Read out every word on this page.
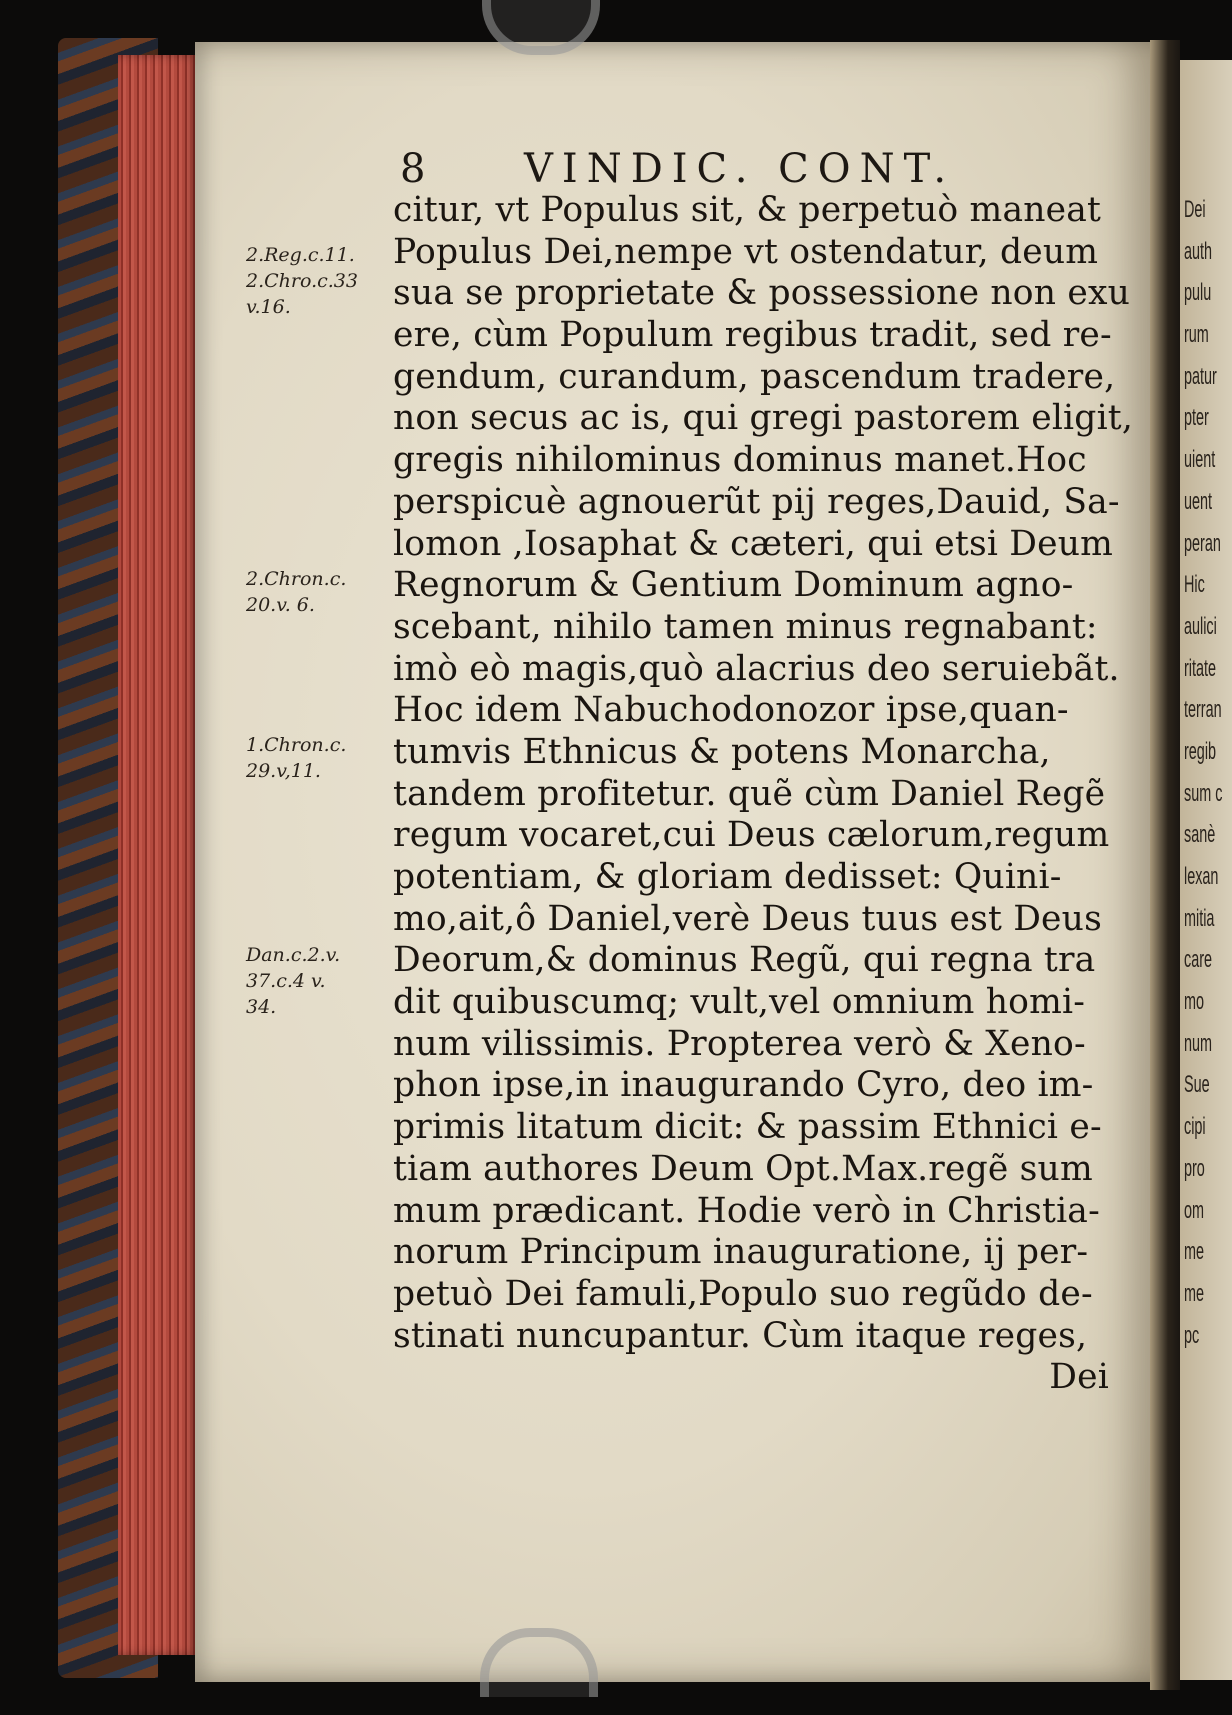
8 VINDIC. CONT.
citur, vt Populus sit, & perpetuò maneat
Populus Dei,nempe vt ostendatur, deum
sua se proprietate & possessione non exu
ere, cùm Populum regibus tradit, sed re-
gendum, curandum, pascendum tradere,
non secus ac is, qui gregi pastorem eligit,
gregis nihilominus dominus manet.Hoc
perspicuè agnouerũt pij reges,Dauid, Sa-
lomon ,Iosaphat & cæteri, qui etsi Deum
Regnorum & Gentium Dominum agno-
scebant, nihilo tamen minus regnabant:
imò eò magis,quò alacrius deo seruiebãt.
Hoc idem Nabuchodonozor ipse,quan-
tumvis Ethnicus & potens Monarcha,
tandem profitetur. quẽ cùm Daniel Regẽ
regum vocaret,cui Deus cælorum,regum
potentiam, & gloriam dedisset: Quini-
mo,ait,ô Daniel,verè Deus tuus est Deus
Deorum,& dominus Regũ, qui regna tra
dit quibuscumq; vult,vel omnium homi-
num vilissimis. Propterea verò & Xeno-
phon ipse,in inaugurando Cyro, deo im-
primis litatum dicit: & passim Ethnici e-
tiam authores Deum Opt.Max.regẽ sum
mum prædicant. Hodie verò in Christia-
norum Principum inauguratione, ij per-
petuò Dei famuli,Populo suo regũdo de-
stinati nuncupantur. Cùm itaque reges,
Dei
2.Reg.c.11.
2.Chro.c.33
v.16.
2.Chron.c.
20.v. 6.
1.Chron.c.
29.v,11.
Dan.c.2.v.
37.c.4 v.
34.
Dei
auth
pulu
rum
patur
pter
uient
uent
peran
Hic
aulici
ritate
terran
regib
sum c
sanè
lexan
mitia
care
mo
num
Sue
cipi
pro
om
me
me
pc
